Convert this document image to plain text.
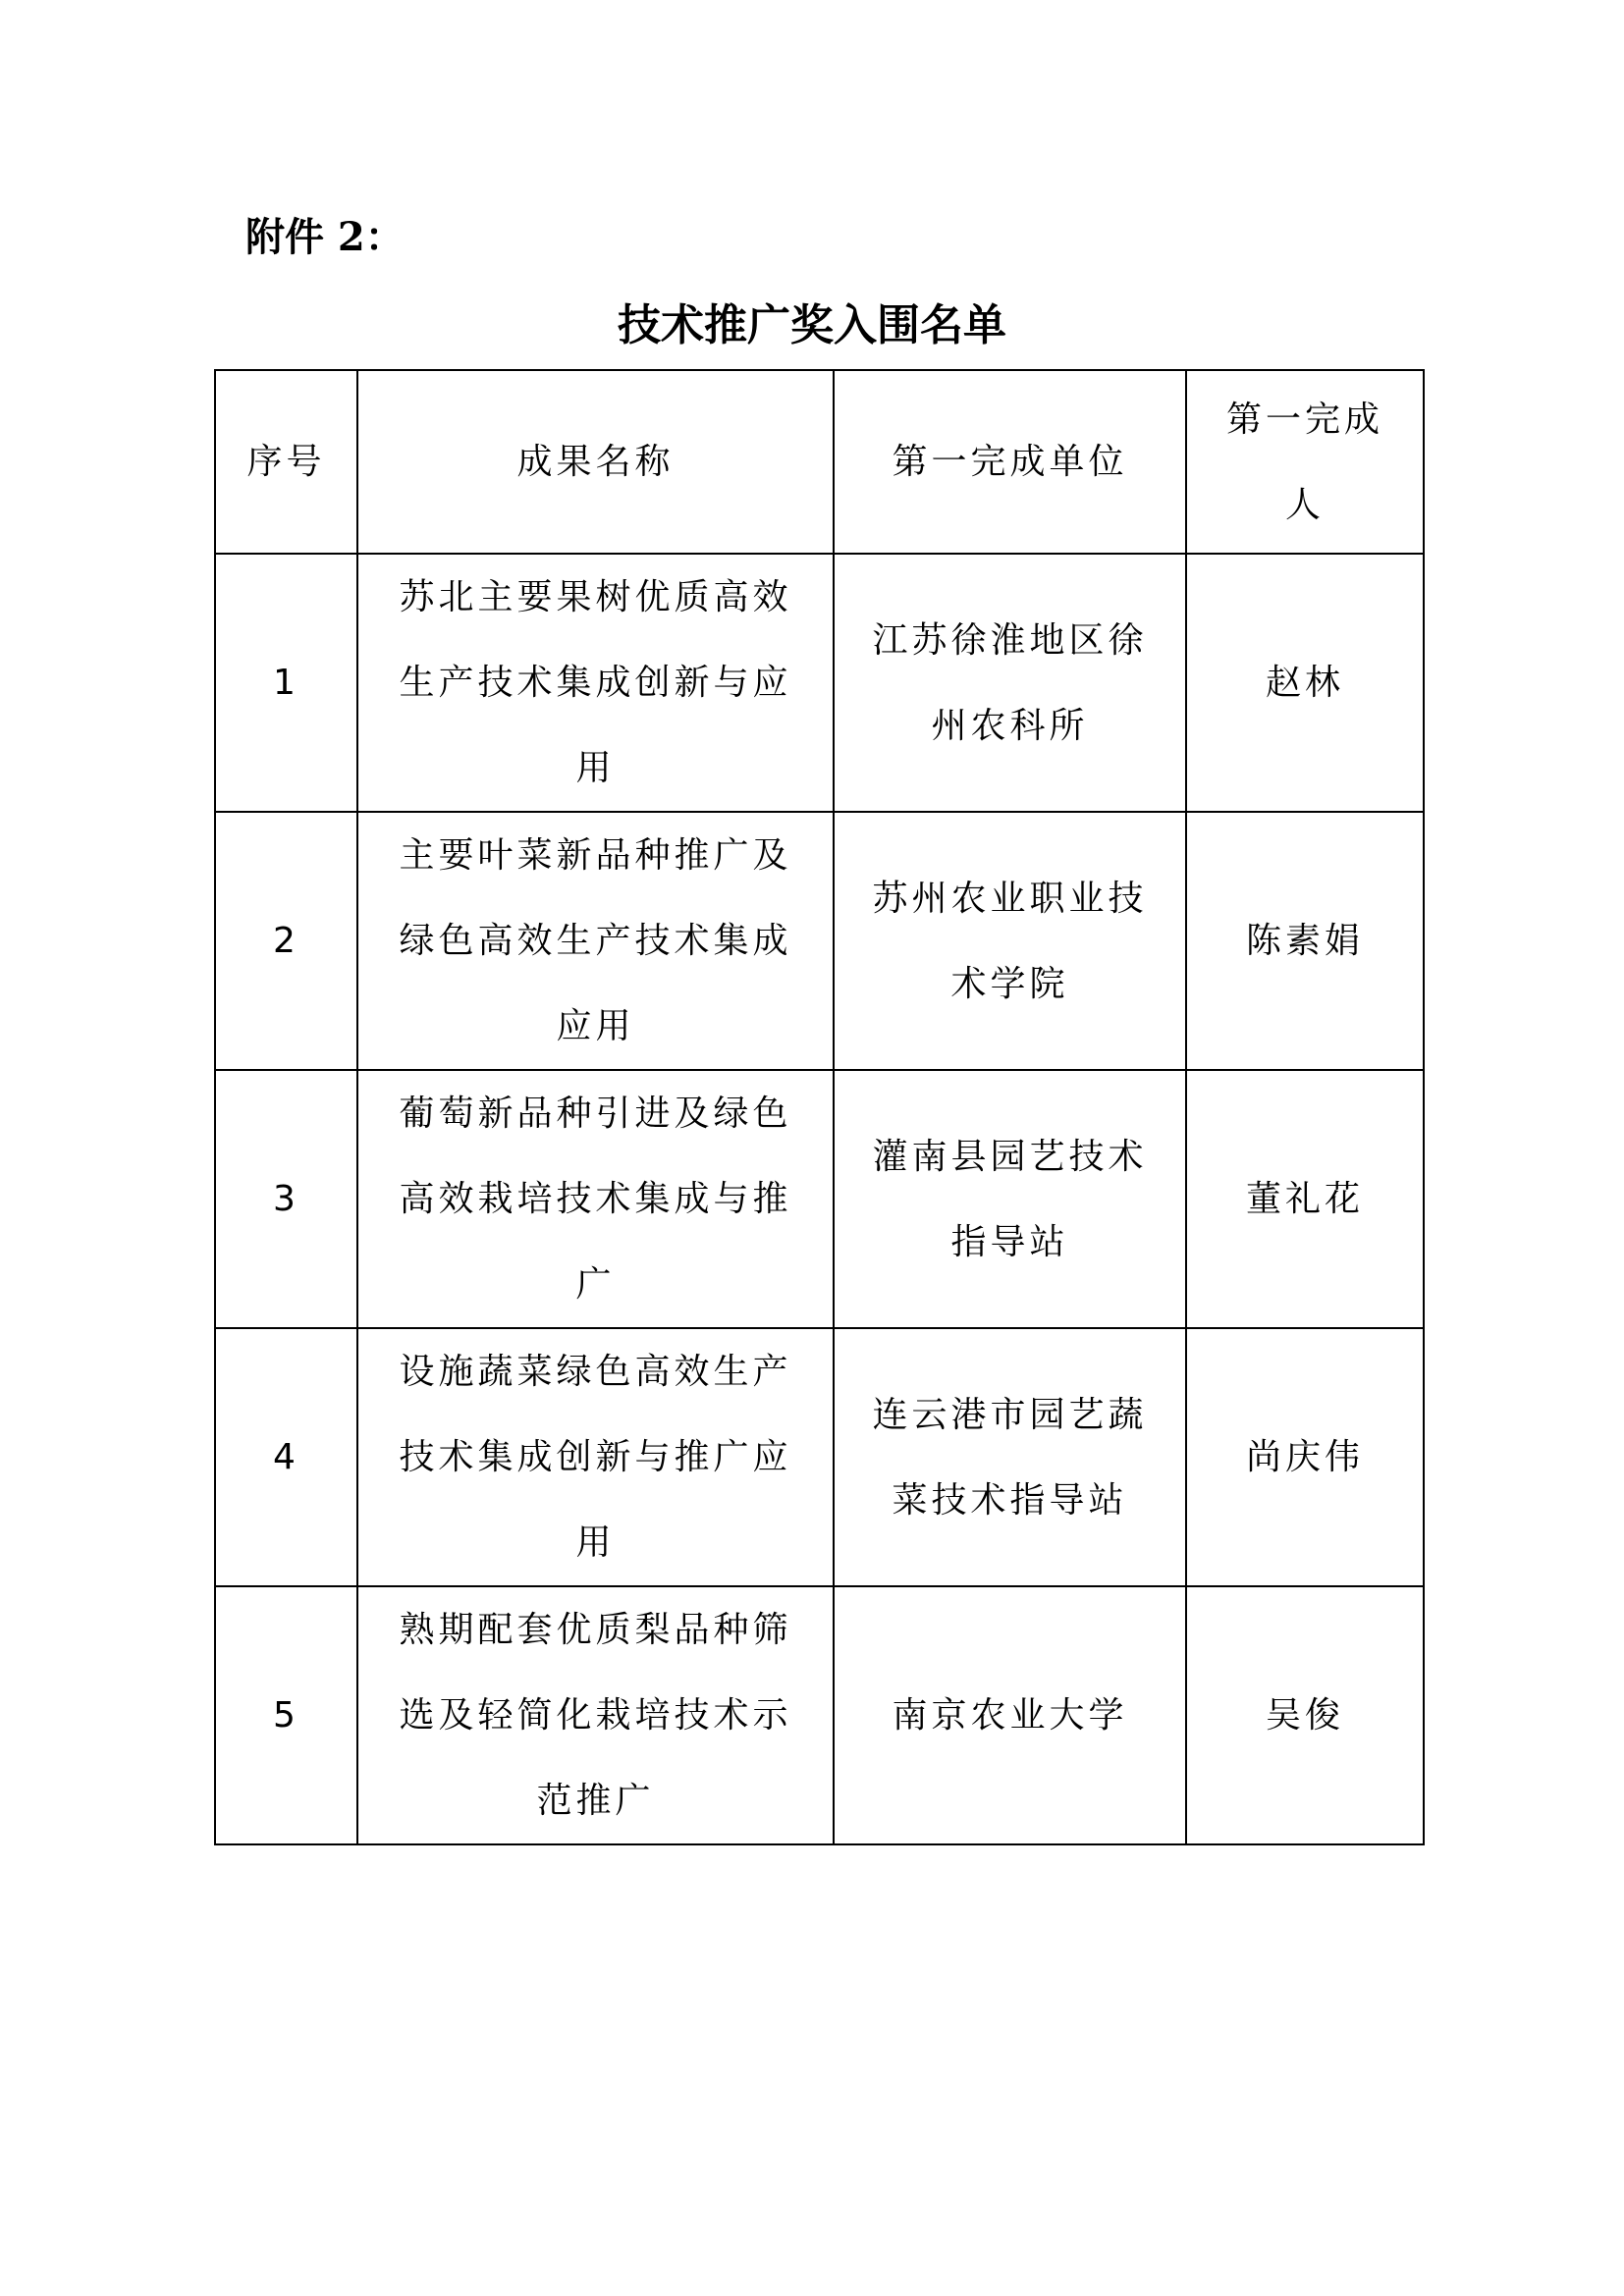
附件 2：
技术推广奖入围名单
序号	成果名称	第一完成单位	第一完成人
1	苏北主要果树优质高效生产技术集成创新与应用	江苏徐淮地区徐州农科所	赵林
2	主要叶菜新品种推广及绿色高效生产技术集成应用	苏州农业职业技术学院	陈素娟
3	葡萄新品种引进及绿色高效栽培技术集成与推广	灌南县园艺技术指导站	董礼花
4	设施蔬菜绿色高效生产技术集成创新与推广应用	连云港市园艺蔬菜技术指导站	尚庆伟
5	熟期配套优质梨品种筛选及轻简化栽培技术示范推广	南京农业大学	吴俊
